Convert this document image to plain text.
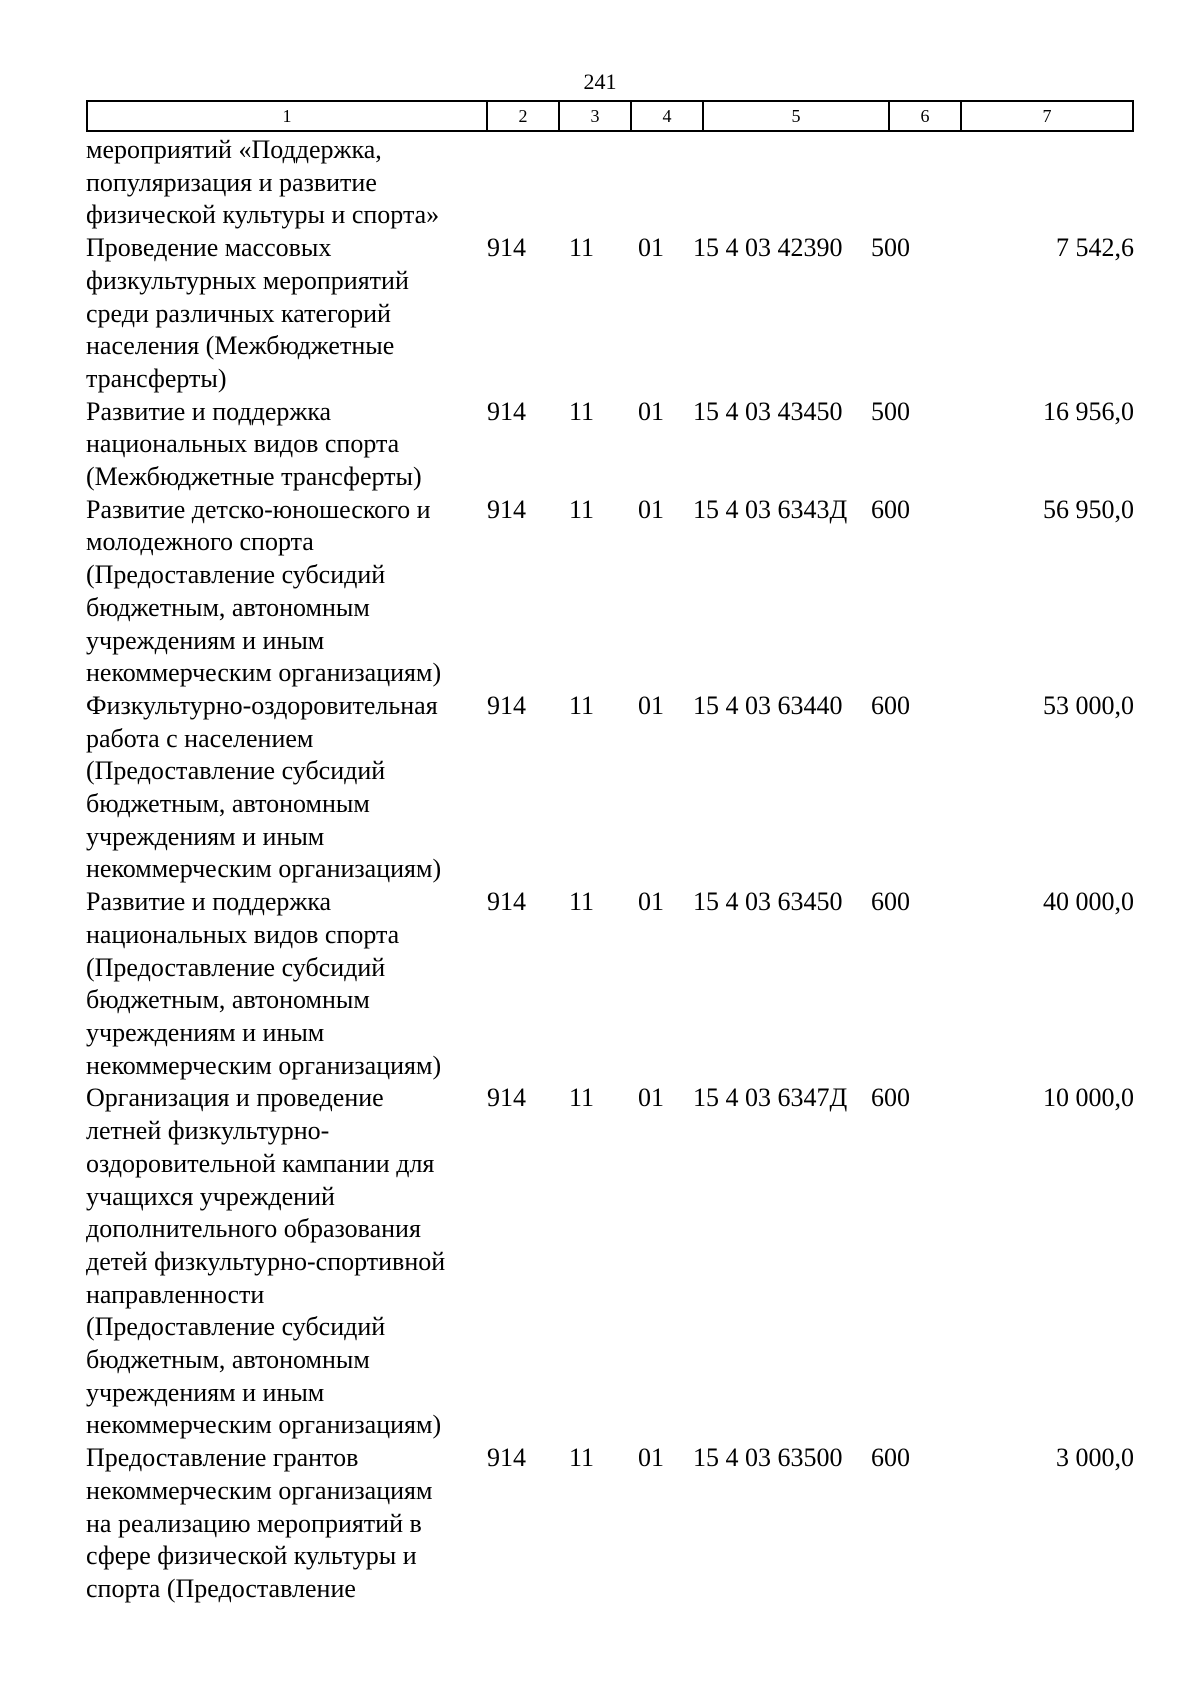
241
1	2	3	4	5	6	7
мероприятий «Поддержка,
популяризация и развитие
физической культуры и спорта»
Проведение массовых
физкультурных мероприятий
среди различных категорий
населения (Межбюджетные
трансферты)
914	11	01	15 4 03 42390	500	7 542,6
Развитие и поддержка
национальных видов спорта
(Межбюджетные трансферты)
914	11	01	15 4 03 43450	500	16 956,0
Развитие детско-юношеского и
молодежного спорта
(Предоставление субсидий
бюджетным, автономным
учреждениям и иным
некоммерческим организациям)
914	11	01	15 4 03 6343Д 600	56 950,0
Физкультурно-оздоровительная
работа с населением
(Предоставление субсидий
бюджетным, автономным
учреждениям и иным
некоммерческим организациям)
914	11	01	15 4 03 63440	600	53 000,0
Развитие и поддержка
национальных видов спорта
(Предоставление субсидий
бюджетным, автономным
учреждениям и иным
некоммерческим организациям)
914	11	01	15 4 03 63450	600	40 000,0
Организация и проведение
летней физкультурно-
оздоровительной кампании для
учащихся учреждений
дополнительного образования
детей физкультурно-спортивной
направленности
(Предоставление субсидий
бюджетным, автономным
учреждениям и иным
некоммерческим организациям)
914	11	01	15 4 03 6347Д 600	10 000,0
Предоставление грантов
некоммерческим организациям
на реализацию мероприятий в
сфере физической культуры и
спорта (Предоставление
914	11	01	15 4 03 63500	600	3 000,0
